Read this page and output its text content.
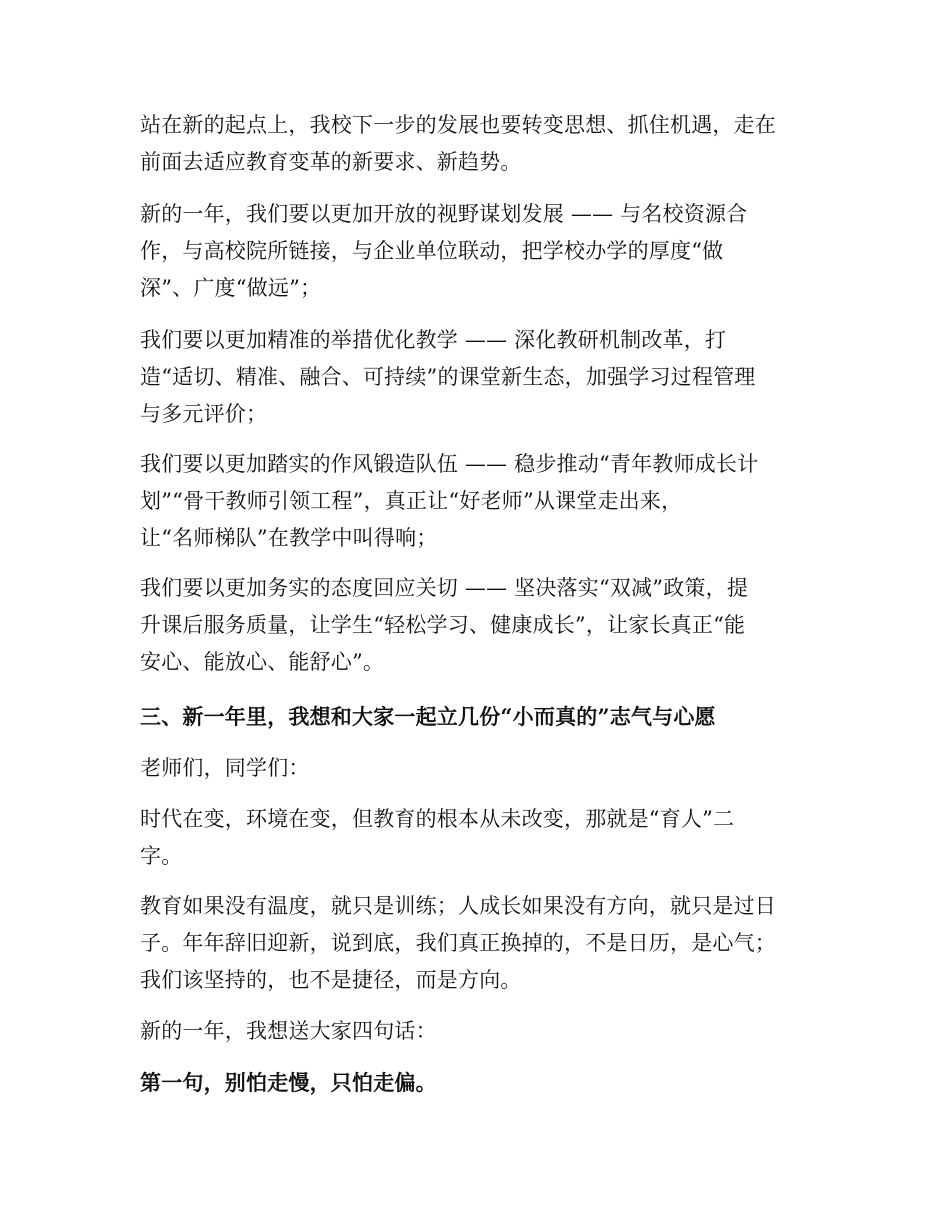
站在新的起点上，我校下一步的发展也要转变思想、抓住机遇，走在
前面去适应教育变革的新要求、新趋势。
新的一年，我们要以更加开放的视野谋划发展 —— 与名校资源合
作，与高校院所链接，与企业单位联动，把学校办学的厚度“做
深”、广度“做远”；
我们要以更加精准的举措优化教学 —— 深化教研机制改革，打
造“适切、精准、融合、可持续”的课堂新生态，加强学习过程管理
与多元评价；
我们要以更加踏实的作风锻造队伍 —— 稳步推动“青年教师成长计
划”“骨干教师引领工程”，真正让“好老师”从课堂走出来，
让“名师梯队”在教学中叫得响；
我们要以更加务实的态度回应关切 —— 坚决落实“双减”政策，提
升课后服务质量，让学生“轻松学习、健康成长”，让家长真正“能
安心、能放心、能舒心”。
三、新一年里，我想和大家一起立几份“小而真的”志气与心愿
老师们，同学们：
时代在变，环境在变，但教育的根本从未改变，那就是“育人”二
字。
教育如果没有温度，就只是训练；人成长如果没有方向，就只是过日
子。年年辞旧迎新，说到底，我们真正换掉的，不是日历，是心气；
我们该坚持的，也不是捷径，而是方向。
新的一年，我想送大家四句话：
第一句，别怕走慢，只怕走偏。
